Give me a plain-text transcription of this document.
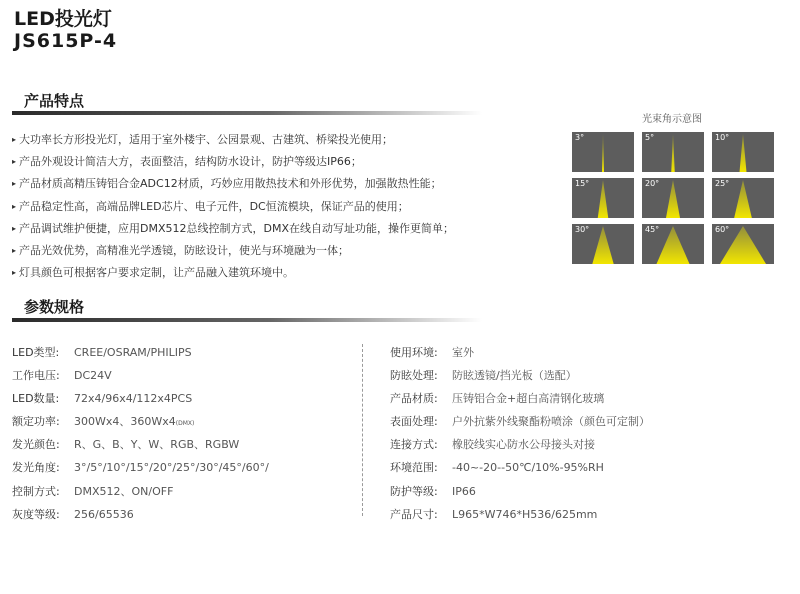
LED投光灯
JS615P-4
产品特点
▸ 大功率长方形投光灯，适用于室外楼宇、公园景观、古建筑、桥梁投光使用；
▸ 产品外观设计简洁大方，表面整洁，结构防水设计，防护等级达IP66；
▸ 产品材质高精压铸铝合金ADC12材质，巧妙应用散热技术和外形优势，加强散热性能；
▸ 产品稳定性高，高端品牌LED芯片、电子元件，DC恒流模块，保证产品的使用；
▸ 产品调试维护便捷，应用DMX512总线控制方式，DMX在线自动写址功能，操作更简单；
▸ 产品光效优势，高精准光学透镜，防眩设计，使光与环境融为一体；
▸ 灯具颜色可根据客户要求定制，让产品融入建筑环境中。
光束角示意图
3°	5°	10°
15°	20°	25°
30°	45°	60°
参数规格
LED类型: CREE/OSRAM/PHILIPS
工作电压: DC24V
LED数量: 72x4/96x4/112x4PCS
额定功率: 300Wx4、360Wx4(DMX)
发光颜色: R、G、B、Y、W、RGB、RGBW
发光角度: 3°/5°/10°/15°/20°/25°/30°/45°/60°/
控制方式: DMX512、ON/OFF
灰度等级: 256/65536
使用环境: 室外
防眩处理: 防眩透镜/挡光板（选配）
产品材质: 压铸铝合金+超白高清钢化玻璃
表面处理: 户外抗紫外线聚酯粉喷涂（颜色可定制）
连接方式: 橡胶线实心防水公母接头对接
环境范围: -40~-20--50℃/10%-95%RH
防护等级: IP66
产品尺寸: L965*W746*H536/625mm
